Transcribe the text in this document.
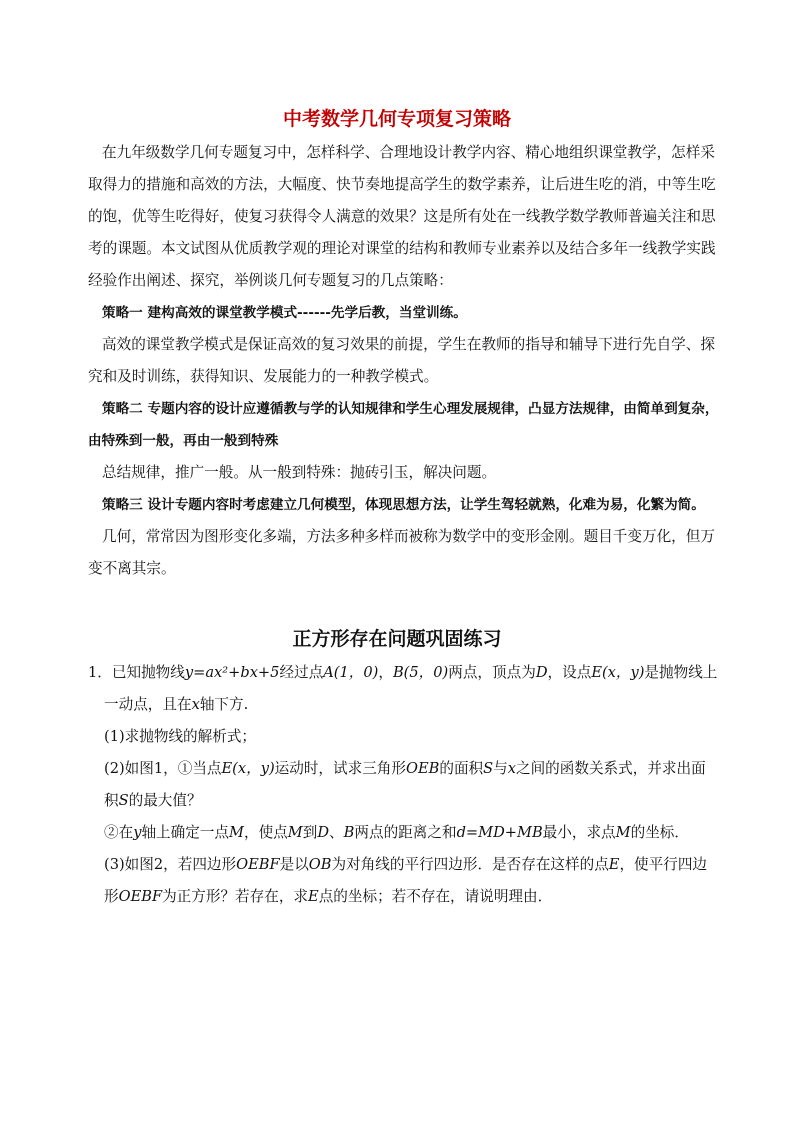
中考数学几何专项复习策略

在九年级数学几何专题复习中，怎样科学、合理地设计教学内容、精心地组织课堂教学，怎样采取得力的措施和高效的方法，大幅度、快节奏地提高学生的数学素养，让后进生吃的消，中等生吃的饱，优等生吃得好，使复习获得令人满意的效果？这是所有处在一线教学数学教师普遍关注和思考的课题。本文试图从优质教学观的理论对课堂的结构和教师专业素养以及结合多年一线教学实践经验作出阐述、探究，举例谈几何专题复习的几点策略：

策略一 建构高效的课堂教学模式------先学后教，当堂训练。

高效的课堂教学模式是保证高效的复习效果的前提，学生在教师的指导和辅导下进行先自学、探究和及时训练，获得知识、发展能力的一种教学模式。

策略二 专题内容的设计应遵循教与学的认知规律和学生心理发展规律，凸显方法规律，由简单到复杂，由特殊到一般，再由一般到特殊

总结规律，推广一般。从一般到特殊：抛砖引玉，解决问题。

策略三 设计专题内容时考虑建立几何模型，体现思想方法，让学生驾轻就熟，化难为易，化繁为简。

几何，常常因为图形变化多端，方法多种多样而被称为数学中的变形金刚。题目千变万化，但万变不离其宗。

正方形存在问题巩固练习

1．已知抛物线y=ax²+bx+5经过点A(1，0)，B(5，0)两点，顶点为D，设点E(x，y)是抛物线上一动点，且在x轴下方.

(1)求抛物线的解析式；

(2)如图1，①当点E(x，y)运动时，试求三角形OEB的面积S与x之间的函数关系式，并求出面积S的最大值？

②在y轴上确定一点M，使点M到D、B两点的距离之和d=MD+MB最小，求点M的坐标．

(3)如图2，若四边形OEBF是以OB为对角线的平行四边形．是否存在这样的点E，使平行四边形OEBF为正方形？若存在，求E点的坐标；若不存在，请说明理由．
